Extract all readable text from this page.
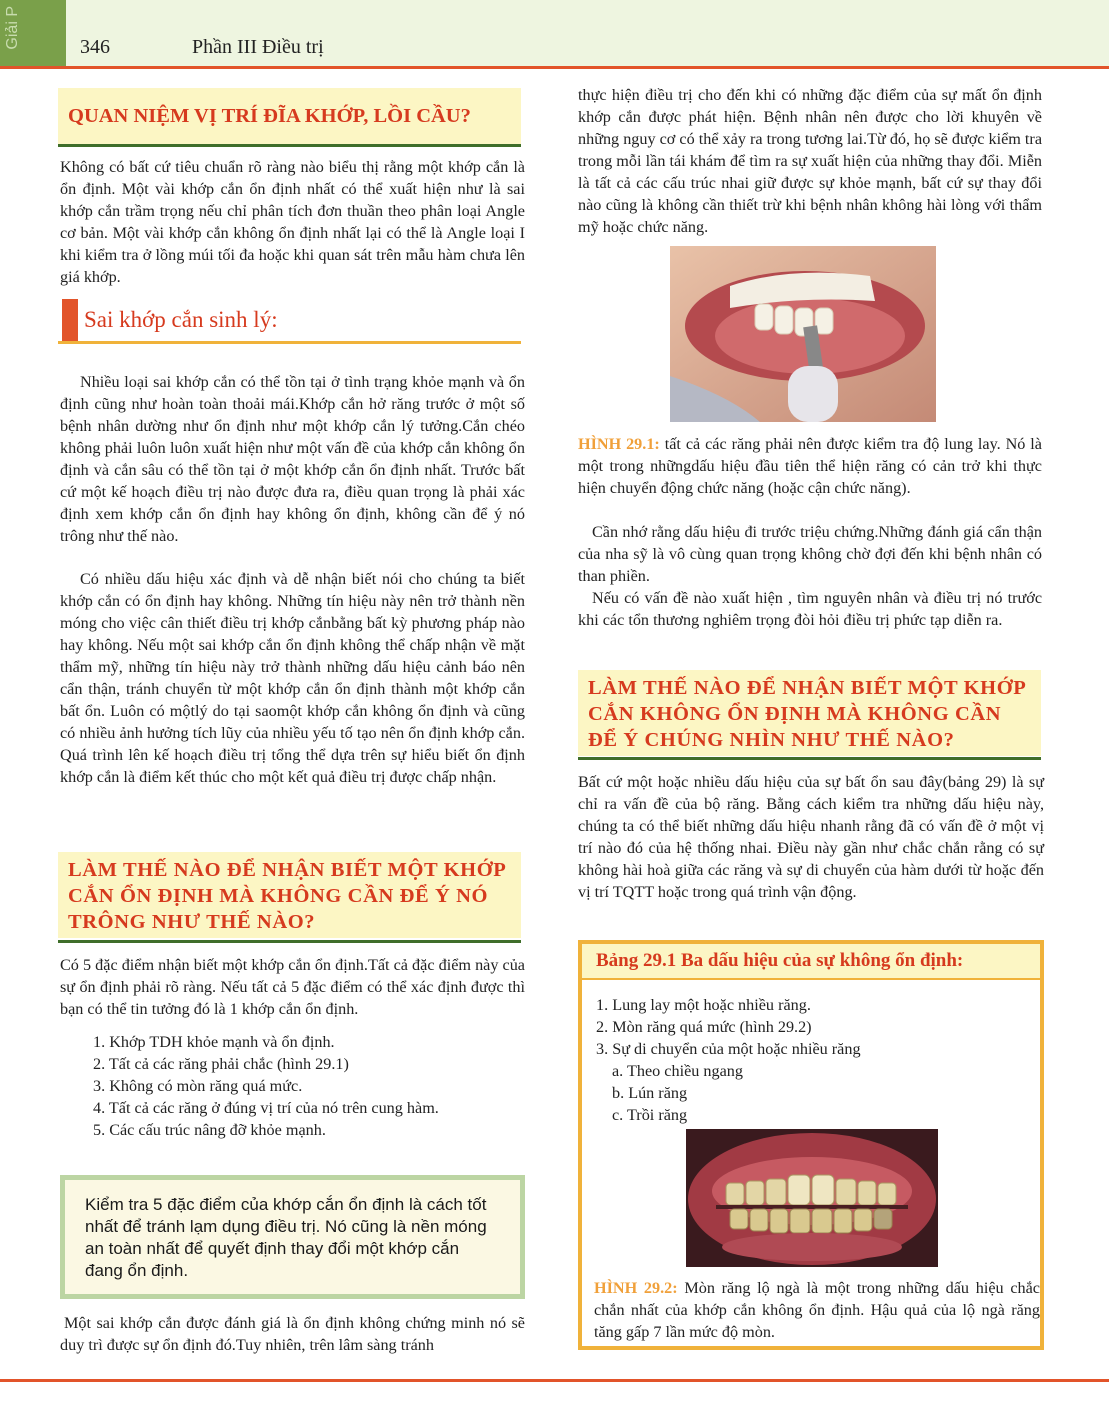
Giải P	346	Phần III Điều trị
QUAN NIỆM VỊ TRÍ ĐĨA KHỚP, LỒI CẦU?

Không có bất cứ tiêu chuẩn rõ ràng nào biểu thị rằng một khớp cắn là ổn định. Một vài khớp cắn ổn định nhất có thể xuất hiện như là sai khớp cắn trầm trọng nếu chỉ phân tích đơn thuần theo phân loại Angle cơ bản. Một vài khớp cắn không ổn định nhất lại có thể là Angle loại I khi kiểm tra ở lồng múi tối đa hoặc khi quan sát trên mẫu hàm chưa lên giá khớp.

Sai khớp cắn sinh lý:

Nhiều loại sai khớp cắn có thể tồn tại ở tình trạng khỏe mạnh và ổn định cũng như hoàn toàn thoải mái.Khớp cắn hở răng trước ở một số bệnh nhân dường như ổn định như một khớp cắn lý tưởng.Cắn chéo không phải luôn luôn xuất hiện như một vấn đề của khớp cắn không ổn định và cắn sâu có thể tồn tại ở một khớp cắn ổn định nhất. Trước bất cứ một kế hoạch điều trị nào được đưa ra, điều quan trọng là phải xác định xem khớp cắn ổn định hay không ổn định, không cần để ý nó trông như thế nào.

Có nhiều dấu hiệu xác định và dễ nhận biết nói cho chúng ta biết khớp cắn có ổn định hay không. Những tín hiệu này nên trở thành nền móng cho việc cân thiết điều trị khớp cắnbằng bất kỳ phương pháp nào hay không. Nếu một sai khớp cắn ổn định không thể chấp nhận về mặt thẩm mỹ, những tín hiệu này trở thành những dấu hiệu cảnh báo nên cẩn thận, tránh chuyển từ một khớp cắn ổn định thành một khớp cắn bất ổn. Luôn có mộtlý do tại saomột khớp cắn không ổn định và cũng có nhiều ảnh hưởng tích lũy của nhiều yếu tố tạo nên ổn định khớp cắn. Quá trình lên kế hoạch điều trị tổng thể dựa trên sự hiểu biết ổn định khớp cắn là điểm kết thúc cho một kết quả điều trị được chấp nhận.

LÀM THẾ NÀO ĐỂ NHẬN BIẾT MỘT KHỚP CẮN ỔN ĐỊNH MÀ KHÔNG CẦN ĐỂ Ý NÓ TRÔNG NHƯ THẾ NÀO?

Có 5 đặc điểm nhận biết một khớp cắn ổn định.Tất cả đặc điểm này của sự ổn định phải rõ ràng. Nếu tất cả 5 đặc điểm có thể xác định được thì bạn có thể tin tưởng đó là 1 khớp cắn ổn định.

1. Khớp TDH khỏe mạnh và ổn định.
2. Tất cả các răng phải chắc (hình 29.1)
3. Không có mòn răng quá mức.
4. Tất cả các răng ở đúng vị trí của nó trên cung hàm.
5. Các cấu trúc nâng đỡ khỏe mạnh.
Kiểm tra 5 đặc điểm của khớp cắn ổn định là cách tốt nhất để tránh lạm dụng điều trị. Nó cũng là nền móng an toàn nhất để quyết định thay đổi một khớp cắn đang ổn định.

Một sai khớp cắn được đánh giá là ổn định không chứng minh nó sẽ duy trì được sự ổn định đó.Tuy nhiên, trên lâm sàng tránh

thực hiện điều trị cho đến khi có những đặc điểm của sự mất ổn định khớp cắn được phát hiện. Bệnh nhân nên được cho lời khuyên về những nguy cơ có thể xảy ra trong tương lai.Từ đó, họ sẽ được kiểm tra trong mỗi lần tái khám để tìm ra sự xuất hiện của những thay đổi. Miễn là tất cả các cấu trúc nhai giữ được sự khỏe mạnh, bất cứ sự thay đổi nào cũng là không cần thiết trừ khi bệnh nhân không hài lòng với thẩm mỹ hoặc chức năng.

HÌNH 29.1: tất cả các răng phải nên được kiểm tra độ lung lay. Nó là một trong nhữngdấu hiệu đầu tiên thể hiện răng có cản trở khi thực hiện chuyển động chức năng (hoặc cận chức năng).

Cần nhớ rằng dấu hiệu đi trước triệu chứng.Những đánh giá cẩn thận của nha sỹ là vô cùng quan trọng không chờ đợi đến khi bệnh nhân có than phiền.

Nếu có vấn đề nào xuất hiện , tìm nguyên nhân và điều trị nó trước khi các tổn thương nghiêm trọng đòi hỏi điều trị phức tạp diễn ra.

LÀM THẾ NÀO ĐỂ NHẬN BIẾT MỘT KHỚP CẮN KHÔNG ỔN ĐỊNH MÀ KHÔNG CẦN ĐỂ Ý CHÚNG NHÌN NHƯ THẾ NÀO?

Bất cứ một hoặc nhiều dấu hiệu của sự bất ổn sau đây(bảng 29) là sự chỉ ra vấn đề của bộ răng. Bằng cách kiểm tra những dấu hiệu này, chúng ta có thể biết những dấu hiệu nhanh rằng đã có vấn đề ở một vị trí nào đó của hệ thống nhai. Điều này gần như chắc chắn rằng có sự không hài hoà giữa các răng và sự di chuyển của hàm dưới từ hoặc đến vị trí TQTT hoặc trong quá trình vận động.

Bảng 29.1 Ba dấu hiệu của sự không ổn định:
1. Lung lay một hoặc nhiều răng.
2. Mòn răng quá mức (hình 29.2)
3. Sự di chuyển của một hoặc nhiều răng
a. Theo chiều ngang
b. Lún răng
c. Trồi răng

HÌNH 29.2: Mòn răng lộ ngà là một trong những dấu hiệu chắc chắn nhất của khớp cắn không ổn định. Hậu quả của lộ ngà răng tăng gấp 7 lần mức độ mòn.
